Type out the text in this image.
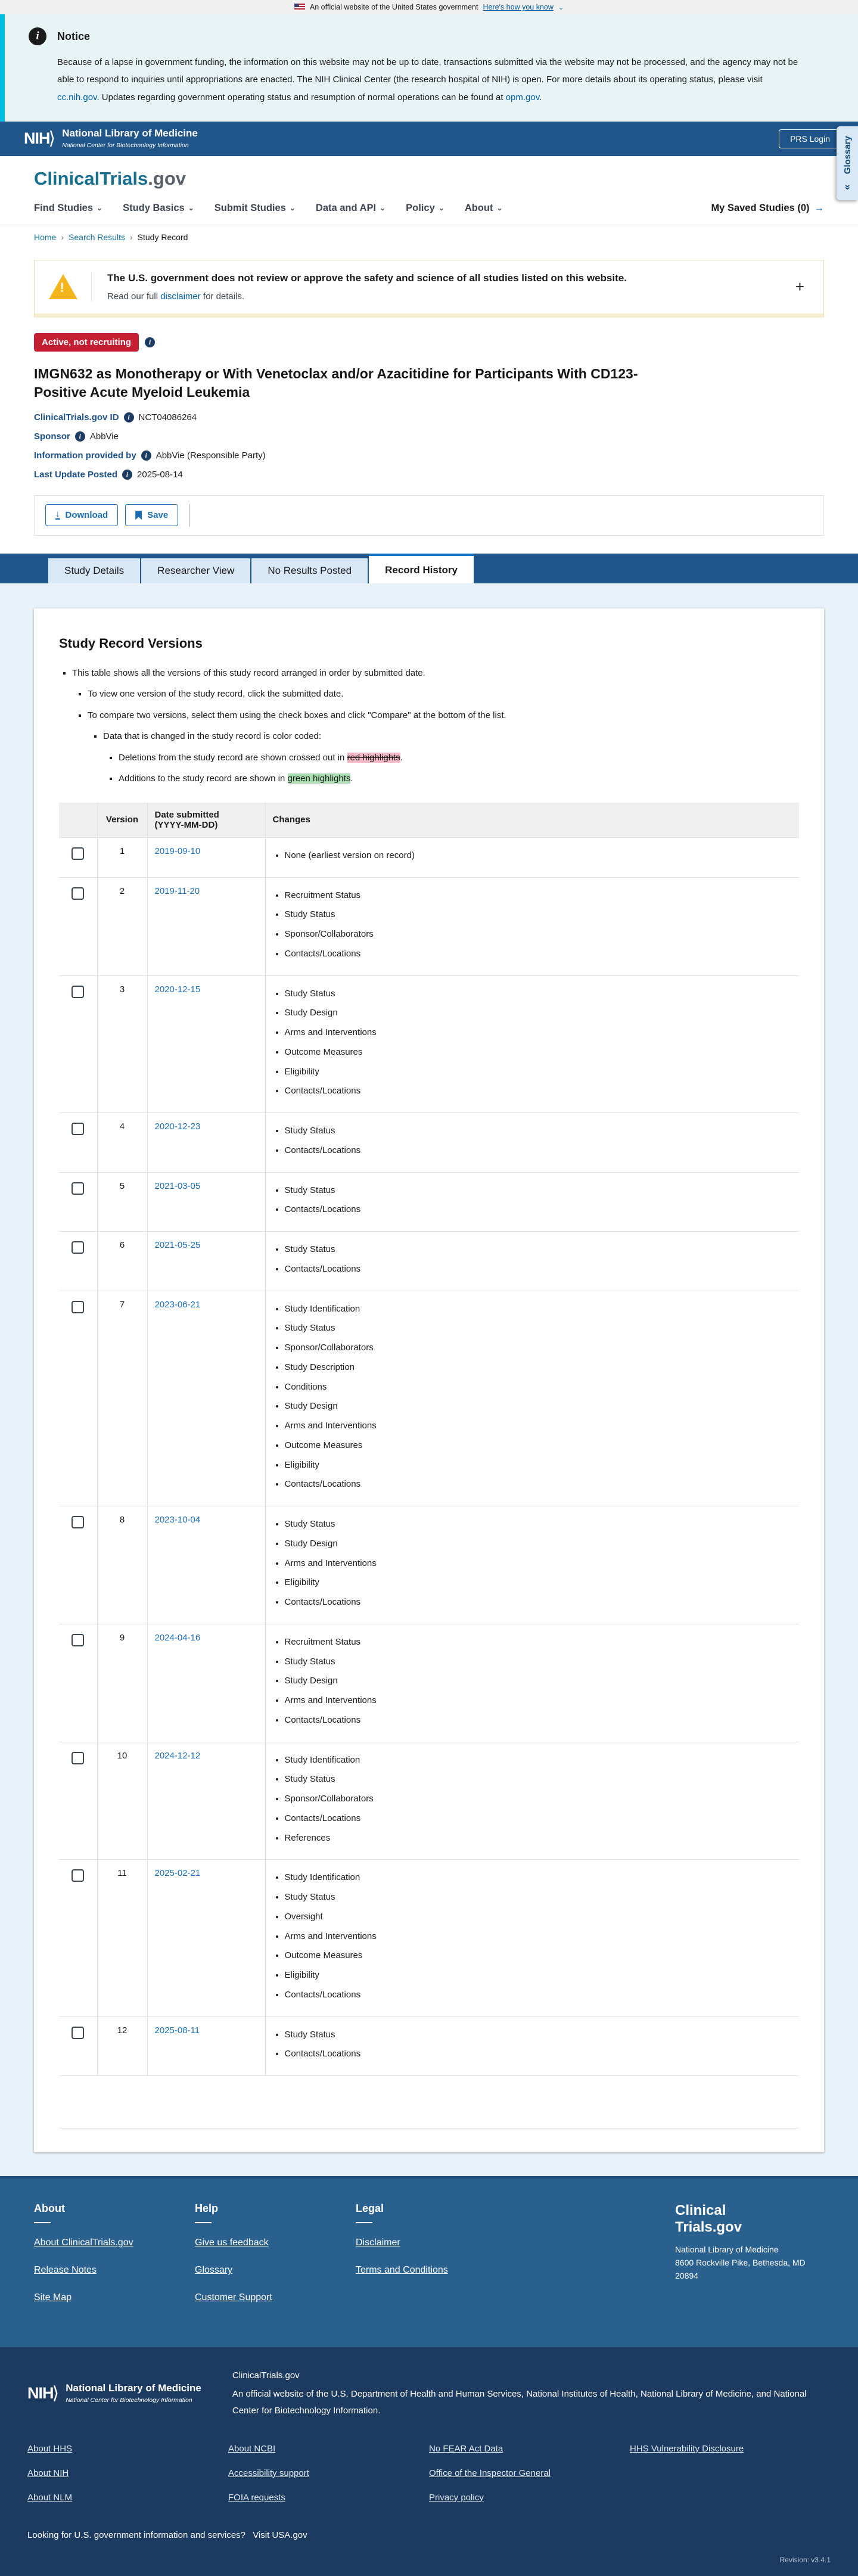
An official website of the United States government Here's how you know ⌄
i	Notice

Because of a lapse in government funding, the information on this website may not be up to date, transactions submitted via the website may not be processed, and the agency may not be able to respond to inquiries until appropriations are enacted. The NIH Clinical Center (the research hospital of NIH) is open. For more details about its operating status, please visit cc.nih.gov. Updates regarding government operating status and resumption of normal operations can be found at opm.gov.

NIH
⟩ National Library of Medicine
National Center for Biotechnology Information
PRS Login	Glossary
«
ClinicalTrials.gov
Find Studies ⌄ Study Basics ⌄ Submit Studies ⌄ Data and API ⌄ Policy ⌄ About ⌄	My Saved Studies (0) →
Home › Search Results › Study Record
!
The U.S. government does not review or approve the safety and science of all studies listed on this website.
Read our full disclaimer for details.
+
Active, not recruiting	i
IMGN632 as Monotherapy or With Venetoclax and/or Azacitidine for Participants With CD123-Positive Acute Myeloid Leukemia
ClinicalTrials.gov ID	i NCT04086264
Sponsor	i AbbVie
Information provided by	i AbbVie (Responsible Party)
Last Update Posted	i 2025-08-14
↓ Download	Save
Study Details	Researcher View	No Results Posted	Record History
Study Record Versions
▪ This table shows all the versions of this study record arranged in order by submitted date.
▪ To view one version of the study record, click the submitted date.
▪ To compare two versions, select them using the check boxes and click "Compare" at the bottom of the list.
▪ Data that is changed in the study record is color coded:
▪ Deletions from the study record are shown crossed out in red highlights.
▪ Additions to the study record are shown in green highlights.
	Version	Date submitted
(YYYY-MM-DD)	Changes
	1	2019-09-10	
•None (earliest version on record)

	2	2019-11-20	
•Recruitment Status
• Study Status
• Sponsor/Collaborators
• Contacts/Locations

	3	2020-12-15	
•Study Status
• Study Design
• Arms and Interventions
• Outcome Measures
• Eligibility
• Contacts/Locations

	4	2020-12-23	
•Study Status
• Contacts/Locations

	5	2021-03-05	
•Study Status
• Contacts/Locations

	6	2021-05-25	
•Study Status
• Contacts/Locations

	7	2023-06-21	
•Study Identification
• Study Status
• Sponsor/Collaborators
• Study Description
• Conditions
• Study Design
• Arms and Interventions
• Outcome Measures
• Eligibility
• Contacts/Locations

	8	2023-10-04	
•Study Status
• Study Design
• Arms and Interventions
• Eligibility
• Contacts/Locations

	9	2024-04-16	
•Recruitment Status
• Study Status
• Study Design
• Arms and Interventions
• Contacts/Locations

	10	2024-12-12	
•Study Identification
• Study Status
• Sponsor/Collaborators
• Contacts/Locations
• References

	11	2025-02-21	
•Study Identification
• Study Status
• Oversight
• Arms and Interventions
• Outcome Measures
• Eligibility
• Contacts/Locations

	12	2025-08-11	
•Study Status
• Contacts/Locations

About
About ClinicalTrials.gov
Release Notes
Site Map
Help
Give us feedback
Glossary
Customer Support
Legal
Disclaimer
Terms and Conditions
Clinical
Trials.gov
National Library of Medicine
8600 Rockville Pike, Bethesda, MD
20894
NIH
⟩ National Library of Medicine
National Center for Biotechnology Information
ClinicalTrials.gov
An official website of the U.S. Department of Health and Human Services, National Institutes of Health, National Library of Medicine, and National Center for Biotechnology Information.
About HHS
About NIH
About NLM
About NCBI
Accessibility support
FOIA requests
No FEAR Act Data
Office of the Inspector General
Privacy policy
HHS Vulnerability Disclosure
Looking for U.S. government information and services? Visit USA.gov
Revision: v3.4.1
